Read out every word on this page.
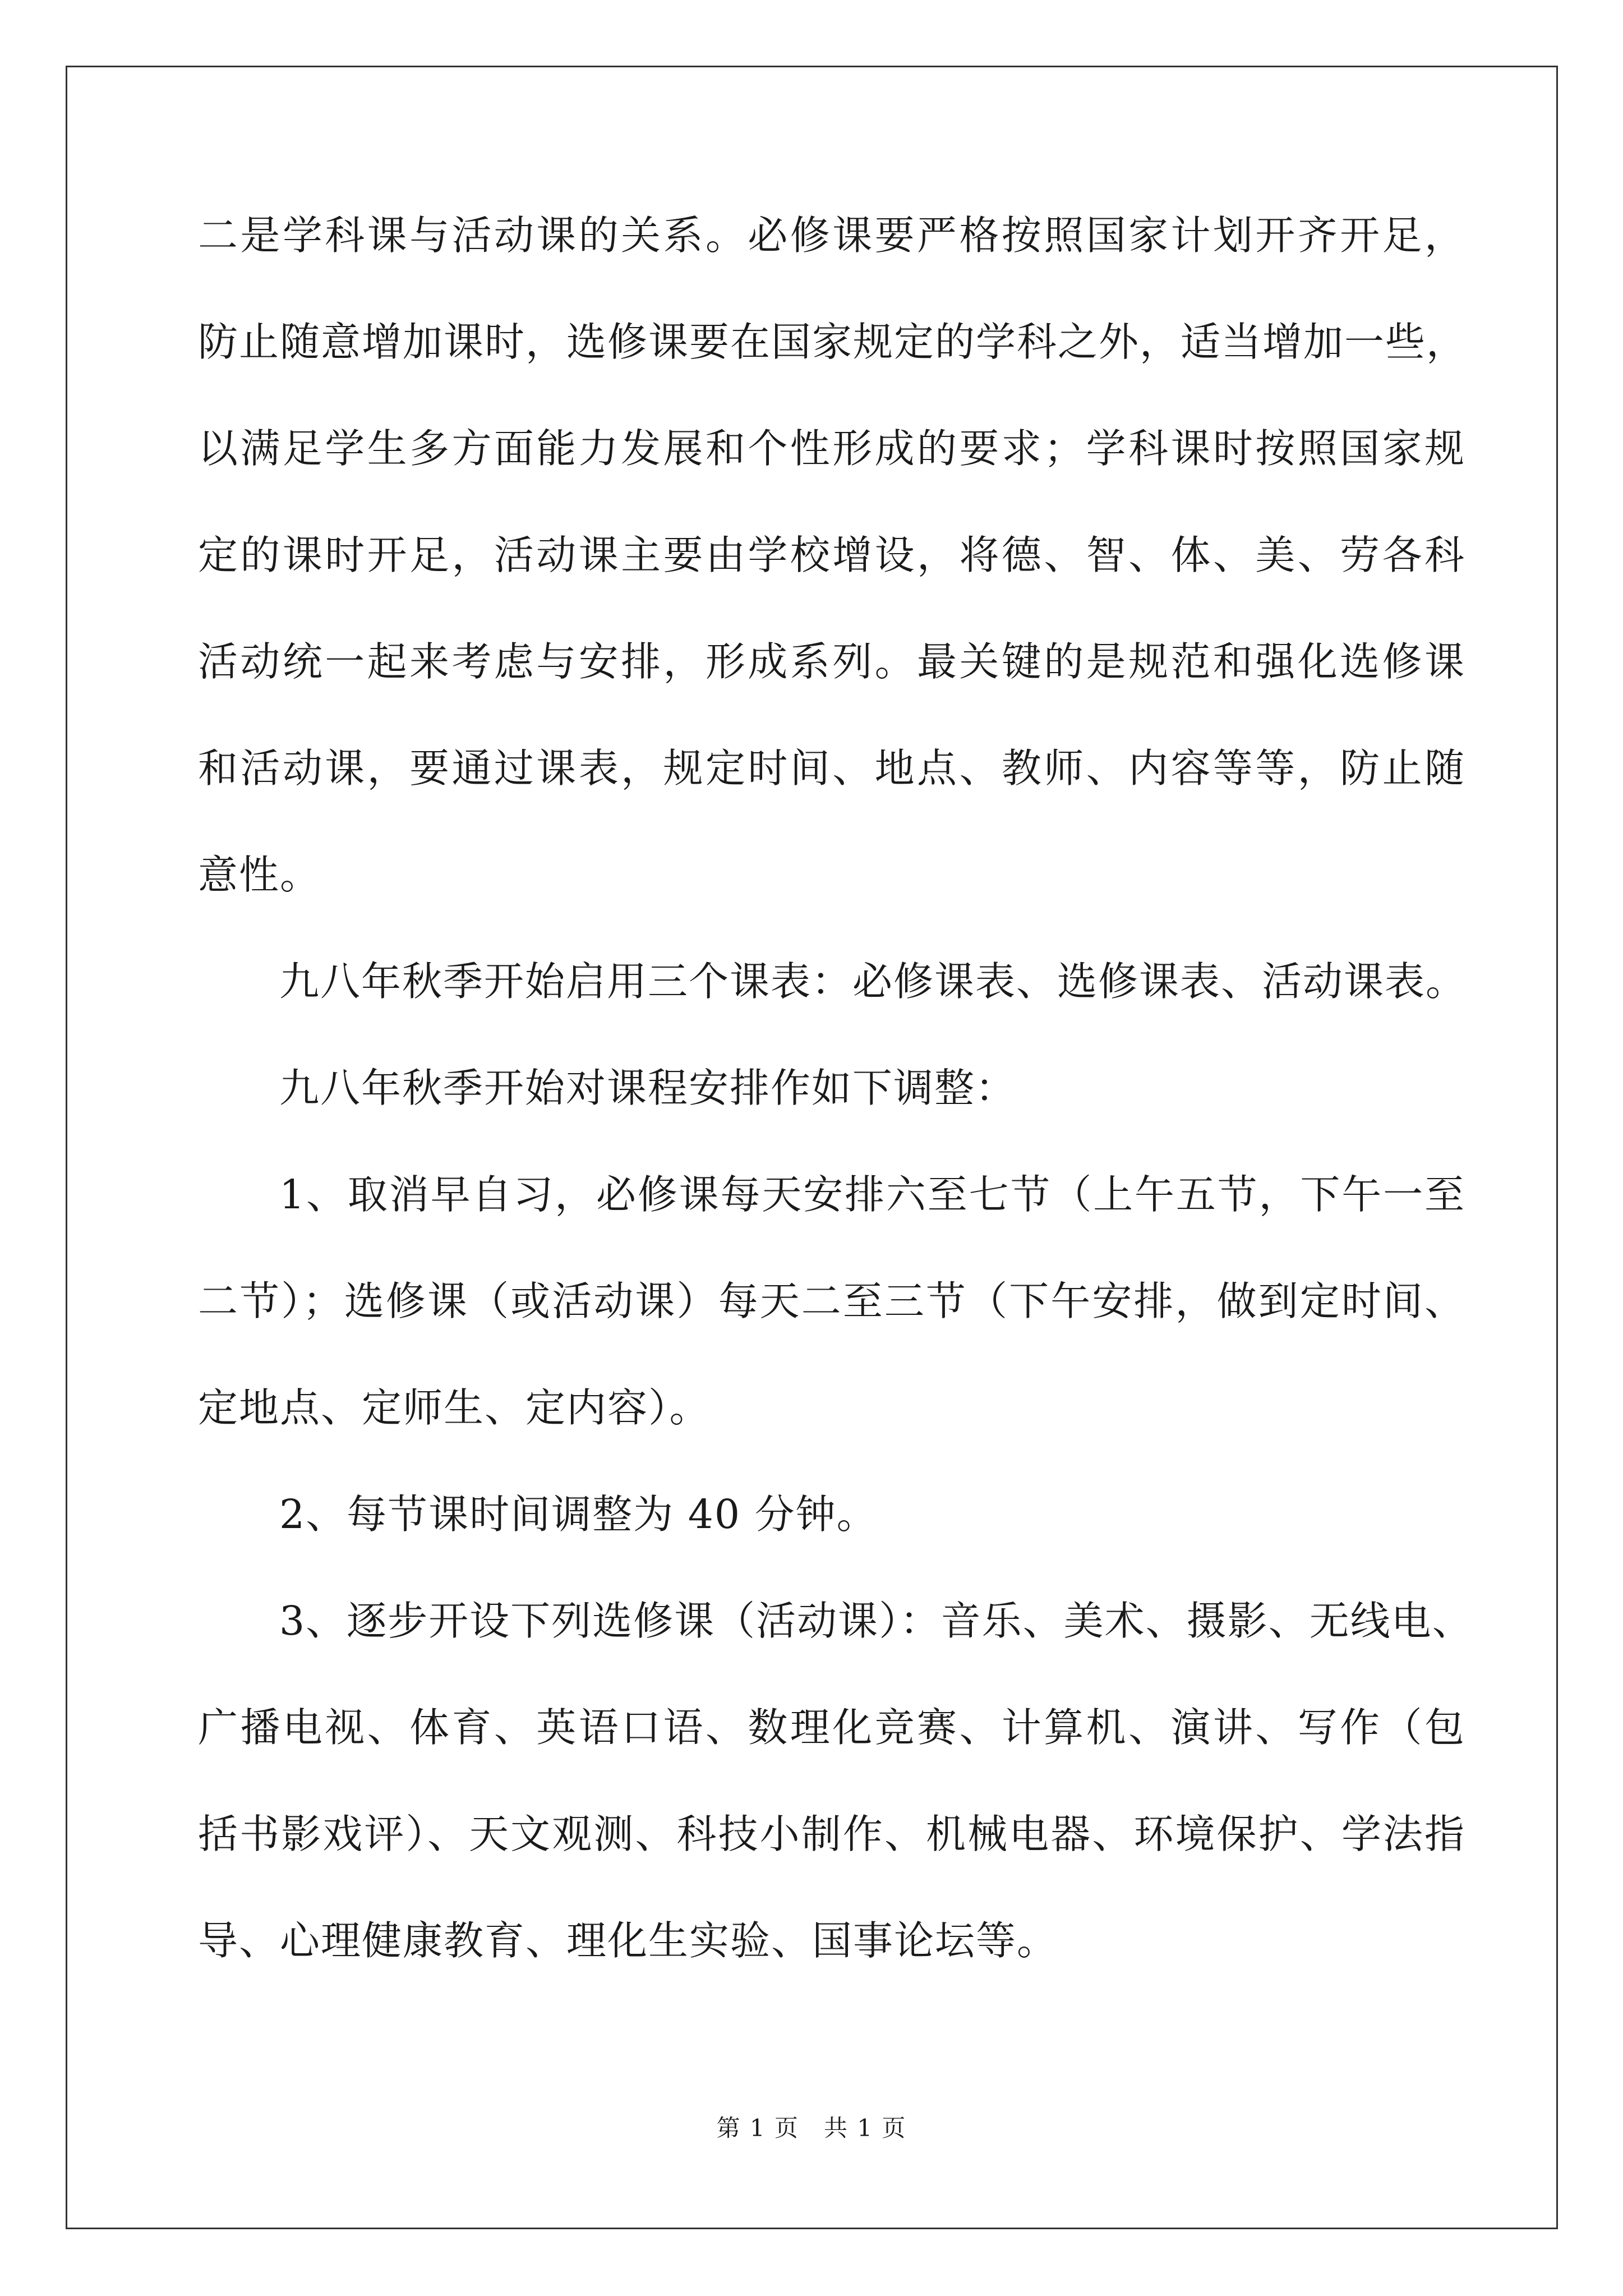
二是学科课与活动课的关系。必修课要严格按照国家计划开齐开足，
防止随意增加课时，选修课要在国家规定的学科之外，适当增加一些，
以满足学生多方面能力发展和个性形成的要求；学科课时按照国家规
定的课时开足，活动课主要由学校增设，将德、智、体、美、劳各科
活动统一起来考虑与安排，形成系列。最关键的是规范和强化选修课
和活动课，要通过课表，规定时间、地点、教师、内容等等，防止随
意性。
九八年秋季开始启用三个课表：必修课表、选修课表、活动课表。
九八年秋季开始对课程安排作如下调整：
1、取消早自习，必修课每天安排六至七节（上午五节，下午一至
二节）；选修课（或活动课）每天二至三节（下午安排，做到定时间、
定地点、定师生、定内容）。
2、每节课时间调整为 40 分钟。
3、逐步开设下列选修课（活动课）：音乐、美术、摄影、无线电、
广播电视、体育、英语口语、数理化竞赛、计算机、演讲、写作（包
括书影戏评）、天文观测、科技小制作、机械电器、环境保护、学法指
导、心理健康教育、理化生实验、国事论坛等。
第 1 页　共 1 页
